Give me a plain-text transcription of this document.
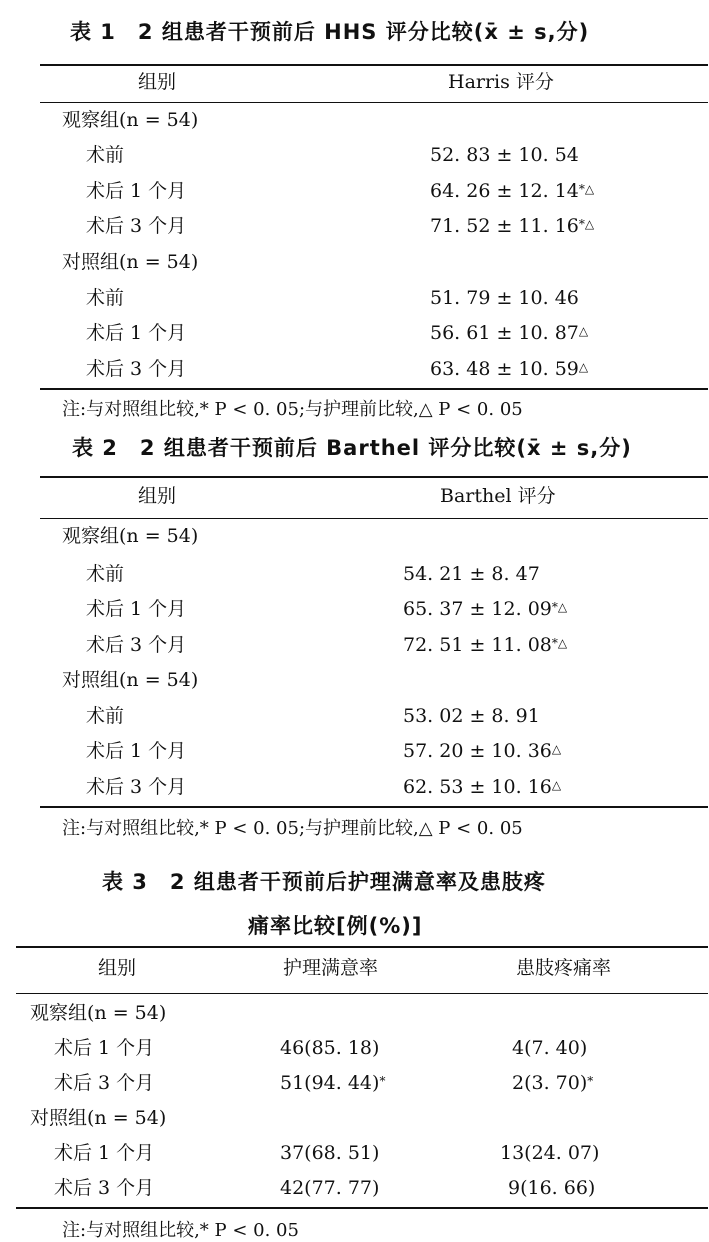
表 1　2 组患者干预前后 HHS 评分比较(x̄ ± s,分)
组别	Harris 评分
观察组(n = 54)
术前	52. 83 ± 10. 54
术后 1 个月	64. 26 ± 12. 14*△
术后 3 个月	71. 52 ± 11. 16*△
对照组(n = 54)
术前	51. 79 ± 10. 46
术后 1 个月	56. 61 ± 10. 87△
术后 3 个月	63. 48 ± 10. 59△
注:与对照组比较,* P < 0. 05;与护理前比较,△ P < 0. 05
表 2　2 组患者干预前后 Barthel 评分比较(x̄ ± s,分)
组别	Barthel 评分
观察组(n = 54)
术前	54. 21 ± 8. 47
术后 1 个月	65. 37 ± 12. 09*△
术后 3 个月	72. 51 ± 11. 08*△
对照组(n = 54)
术前	53. 02 ± 8. 91
术后 1 个月	57. 20 ± 10. 36△
术后 3 个月	62. 53 ± 10. 16△
注:与对照组比较,* P < 0. 05;与护理前比较,△ P < 0. 05
表 3　2 组患者干预前后护理满意率及患肢疼
痛率比较[例(%)]
组别	护理满意率	患肢疼痛率
观察组(n = 54)
术后 1 个月	46(85. 18)	4(7. 40)
术后 3 个月	51(94. 44)*	2(3. 70)*
对照组(n = 54)
术后 1 个月	37(68. 51)	13(24. 07)
术后 3 个月	42(77. 77)	9(16. 66)
注:与对照组比较,* P < 0. 05
